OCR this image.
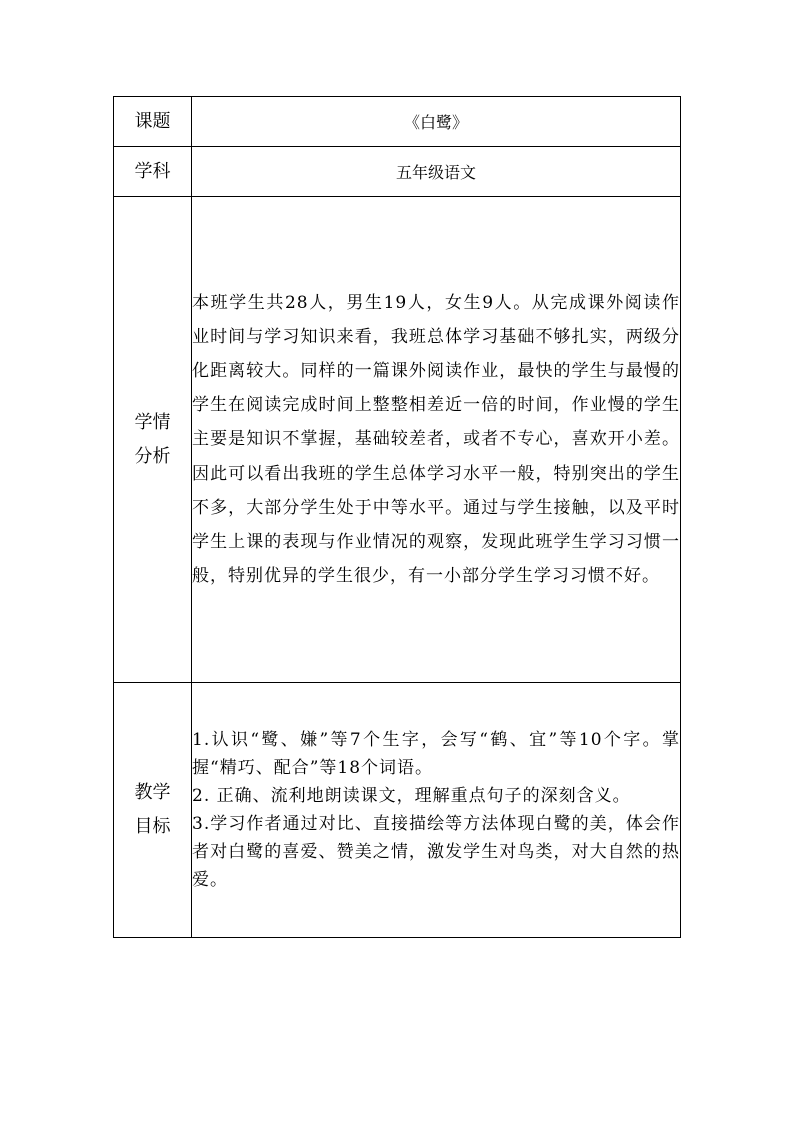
课题	《白鹭》
学科	五年级语文
学情分析	本班学生共28人，男生19人，女生9人。从完成课外阅读作业时间与学习知识来看，我班总体学习基础不够扎实，两级分化距离较大。同样的一篇课外阅读作业，最快的学生与最慢的学生在阅读完成时间上整整相差近一倍的时间，作业慢的学生主要是知识不掌握，基础较差者，或者不专心，喜欢开小差。因此可以看出我班的学生总体学习水平一般，特别突出的学生不多，大部分学生处于中等水平。通过与学生接触，以及平时学生上课的表现与作业情况的观察，发现此班学生学习习惯一般，特别优异的学生很少，有一小部分学生学习习惯不好。

教学目标	1.认识“鹭、嫌”等7个生字，会写“鹤、宜”等10个字。掌握“精巧、配合”等18个词语。

2. 正确、流利地朗读课文，理解重点句子的深刻含义。

3.学习作者通过对比、直接描绘等方法体现白鹭的美，体会作者对白鹭的喜爱、赞美之情，激发学生对鸟类，对大自然的热爱。
